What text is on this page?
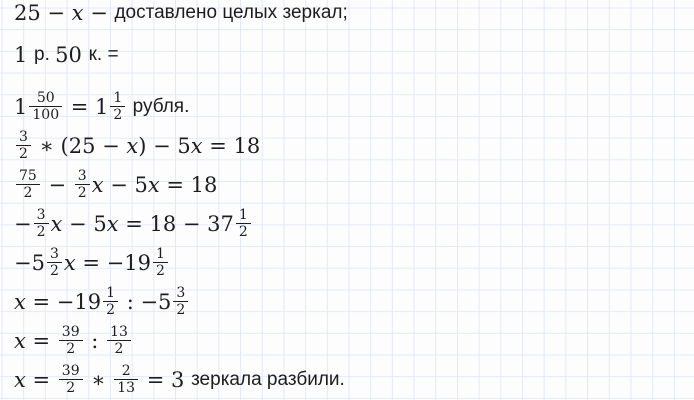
25 − x − доставлено целых зеркал;
1 р. 50 к. =
$1 \frac{50}{100} = 1 \frac{1}{2}$ рубля.
$\frac{3}{2}$ ∗ (25 − x ) − 5 x = 18
$\frac{75}{2} - \frac{3}{2}$ x − 5 x = 18
− $\frac{3}{2}$ x − 5 $x = 18 - 37 \frac{1}{2}$
$-5 \frac{3}{2}$ $x = -19 \frac{1}{2}$
$x = -19 \frac{1}{2}$ : $-5 \frac{3}{2}$
$x = \frac{39}{2}$ : $\frac{13}{2}$
$x = \frac{39}{2}$ ∗ $\frac{2}{13} = 3$ зеркала разбили.
